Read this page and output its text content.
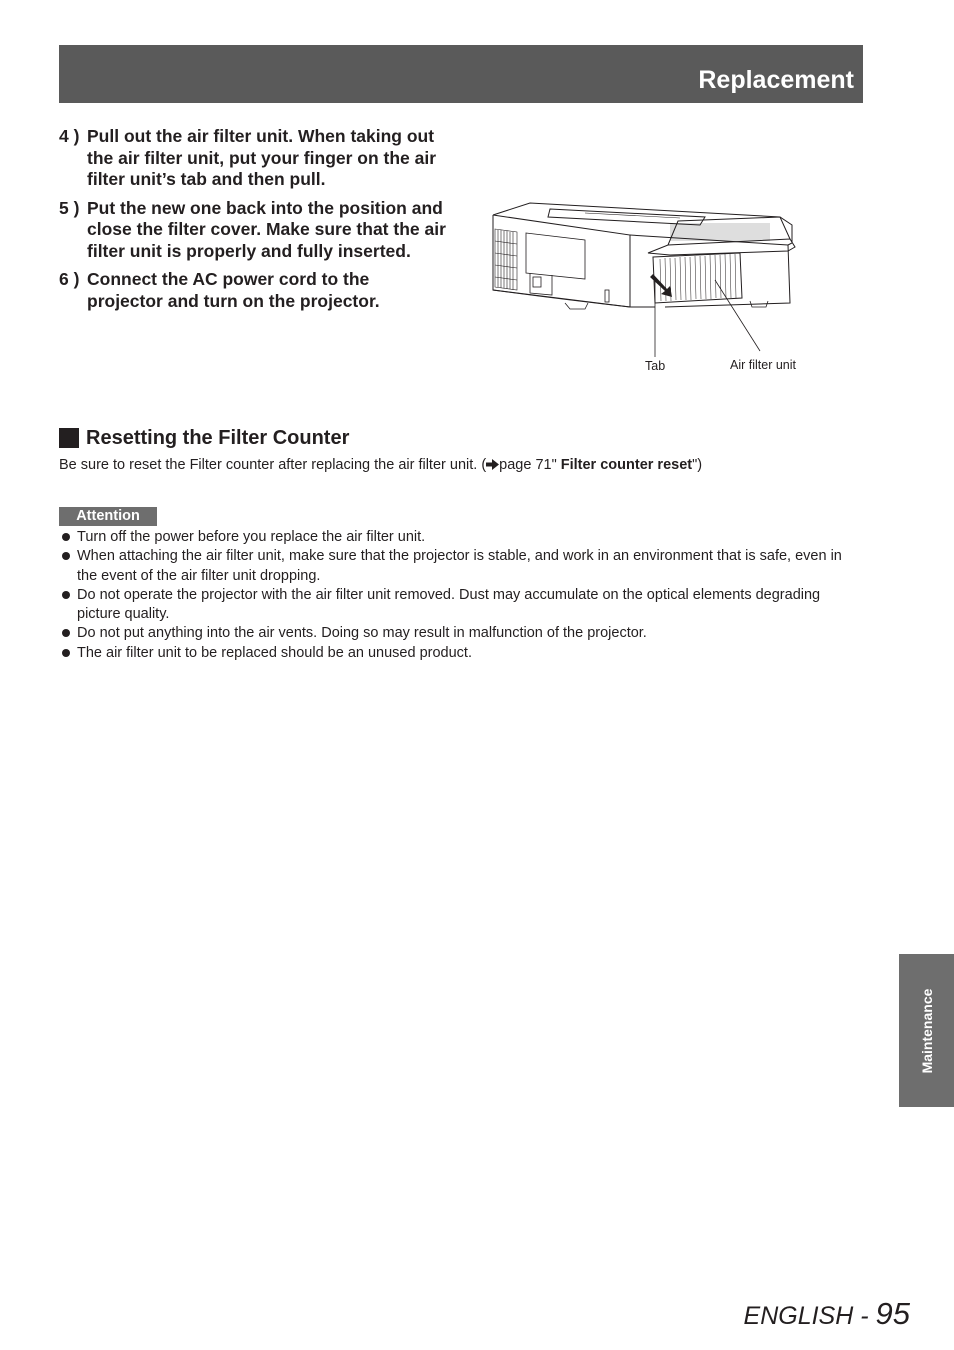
Replacement
4 ) Pull out the air filter unit. When taking out the air filter unit, put your finger on the air filter unit’s tab and then pull.
5 ) Put the new one back into the position and close the filter cover. Make sure that the air filter unit is properly and fully inserted.
6 ) Connect the AC power cord to the projector and turn on the projector.
Tab	Air filter unit
Resetting the Filter Counter
Be sure to reset the Filter counter after replacing the air filter unit. ( page 71" Filter counter reset")
Attention
Turn off the power before you replace the air filter unit.
When attaching the air filter unit, make sure that the projector is stable, and work in an environment that is safe, even in the event of the air filter unit dropping.
Do not operate the projector with the air filter unit removed. Dust may accumulate on the optical elements degrading picture quality.
Do not put anything into the air vents. Doing so may result in malfunction of the projector.
The air filter unit to be replaced should be an unused product.
Maintenance
ENGLISH - 95
